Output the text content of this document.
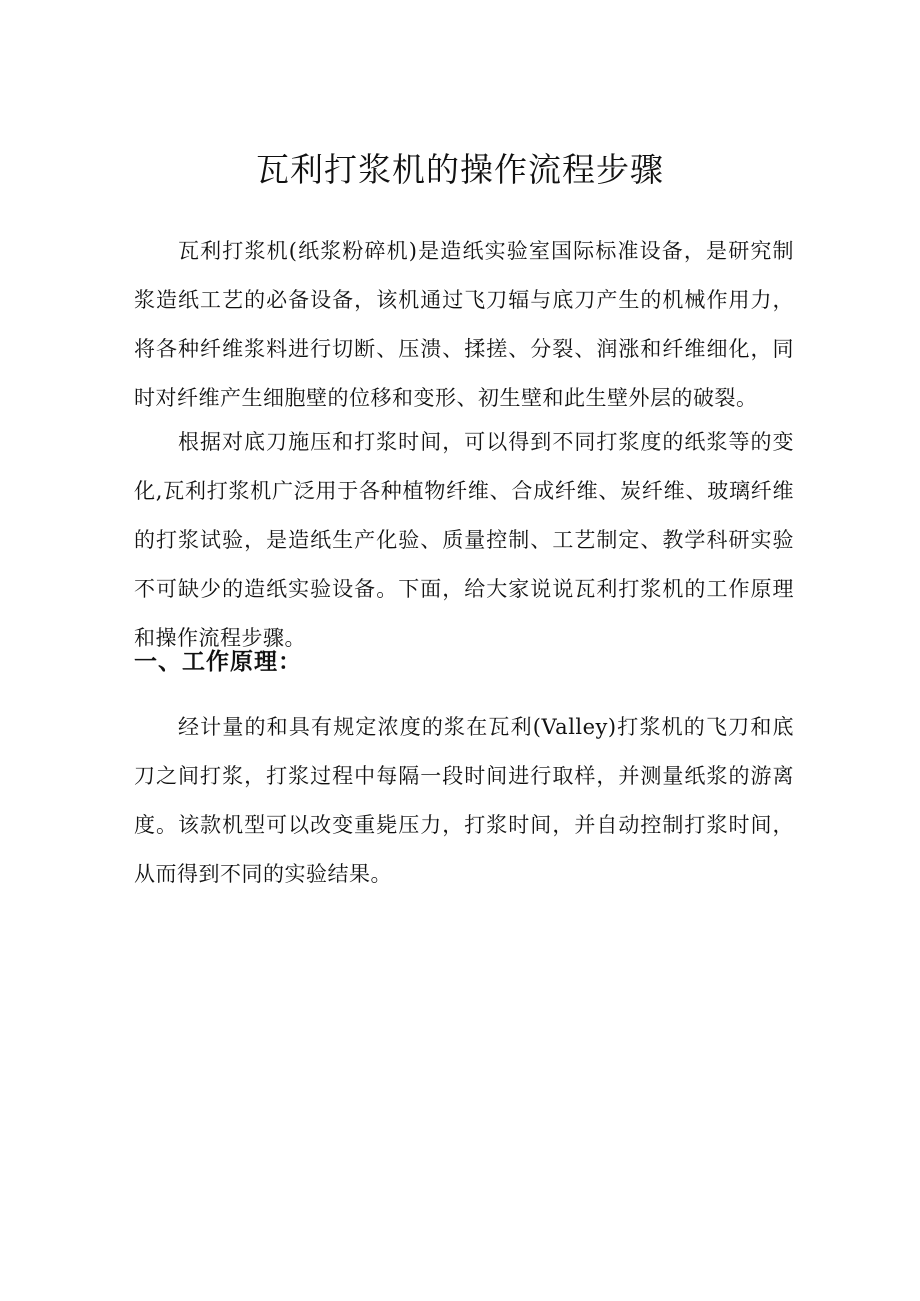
瓦利打浆机的操作流程步骤

瓦利打浆机(纸浆粉碎机)是造纸实验室国际标准设备，是研究制浆造纸工艺的必备设备，该机通过飞刀辐与底刀产生的机械作用力，将各种纤维浆料进行切断、压溃、揉搓、分裂、润涨和纤维细化，同时对纤维产生细胞壁的位移和变形、初生壁和此生壁外层的破裂。

根据对底刀施压和打浆时间，可以得到不同打浆度的纸浆等的变化,瓦利打浆机广泛用于各种植物纤维、合成纤维、炭纤维、玻璃纤维的打浆试验，是造纸生产化验、质量控制、工艺制定、教学科研实验不可缺少的造纸实验设备。下面，给大家说说瓦利打浆机的工作原理和操作流程步骤。

一、工作原理：

经计量的和具有规定浓度的浆在瓦利(Valley)打浆机的飞刀和底刀之间打浆，打浆过程中每隔一段时间进行取样，并测量纸浆的游离度。该款机型可以改变重毙压力，打浆时间，并自动控制打浆时间，从而得到不同的实验结果。
